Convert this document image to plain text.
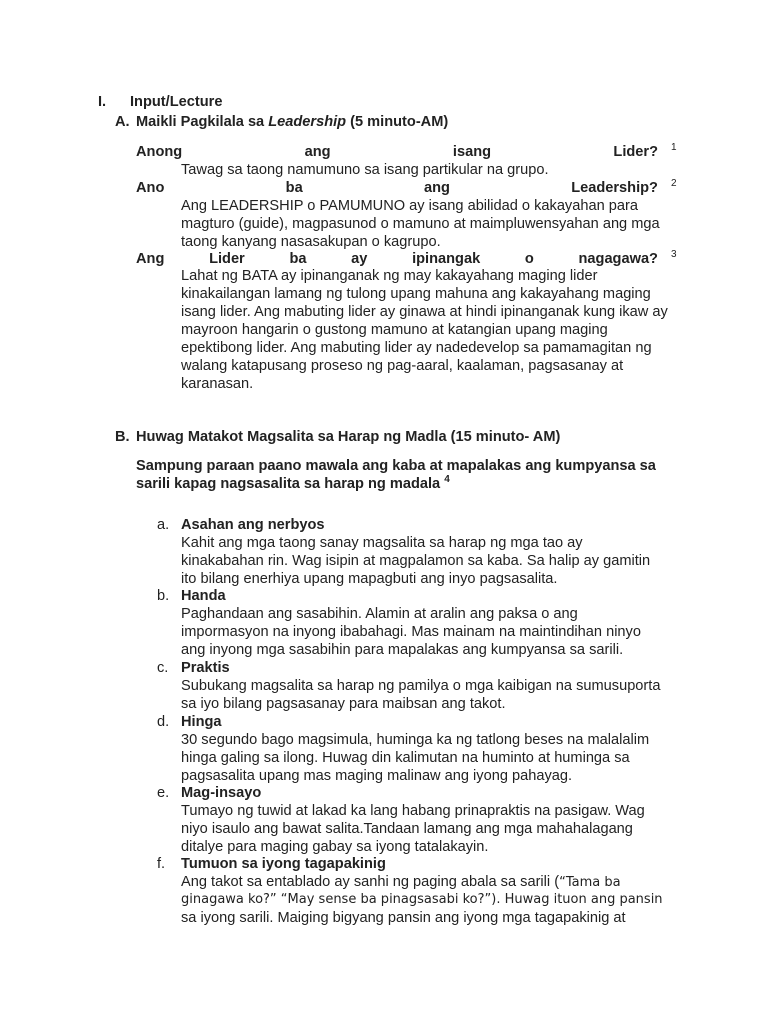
I. Input/Lecture
A. Maikli Pagkilala sa Leadership (5 minuto-AM)
Anong	ang	isang	Lider? 1
Tawag sa taong namumuno sa isang partikular na grupo.
Ano	ba	ang	Leadership? 2
Ang LEADERSHIP o PAMUMUNO ay isang abilidad o kakayahan para
magturo (guide), magpasunod o mamuno at maimpluwensyahan ang mga
taong kanyang nasasakupan o kagrupo.
Ang	Lider	ba	ay	ipinangak	o	nagagawa? 3
Lahat ng BATA ay ipinanganak ng may kakayahang maging lider
kinakailangan lamang ng tulong upang mahuna ang kakayahang maging
isang lider. Ang mabuting lider ay ginawa at hindi ipinanganak kung ikaw ay
mayroon hangarin o gustong mamuno at katangian upang maging
epektibong lider. Ang mabuting lider ay nadedevelop sa pamamagitan ng
walang katapusang proseso ng pag-aaral, kaalaman, pagsasanay at
karanasan.
B. Huwag Matakot Magsalita sa Harap ng Madla (15 minuto- AM)
Sampung paraan paano mawala ang kaba at mapalakas ang kumpyansa sa sarili kapag nagsasalita sa harap ng madala $^4$
a. Asahan ang nerbyos
Kahit ang mga taong sanay magsalita sa harap ng mga tao ay
kinakabahan rin. Wag isipin at magpalamon sa kaba. Sa halip ay gamitin
ito bilang enerhiya upang mapagbuti ang inyo pagsasalita.
b. Handa
Paghandaan ang sasabihin. Alamin at aralin ang paksa o ang
impormasyon na inyong ibabahagi. Mas mainam na maintindihan ninyo
ang inyong mga sasabihin para mapalakas ang kumpyansa sa sarili.
c. Praktis
Subukang magsalita sa harap ng pamilya o mga kaibigan na sumusuporta
sa iyo bilang pagsasanay para maibsan ang takot.
d. Hinga
30 segundo bago magsimula, huminga ka ng tatlong beses na malalalim
hinga galing sa ilong. Huwag din kalimutan na huminto at huminga sa
pagsasalita upang mas maging malinaw ang iyong pahayag.
e. Mag-insayo
Tumayo ng tuwid at lakad ka lang habang prinapraktis na pasigaw. Wag
niyo isaulo ang bawat salita.Tandaan lamang ang mga mahahalagang
ditalye para maging gabay sa iyong tatalakayin.
f. Tumuon sa iyong tagapakinig
Ang takot sa entablado ay sanhi ng paging abala sa sarili (“Tama ba
ginagawa ko?” “May sense ba pinagsasabi ko?”). Huwag ituon ang pansin
sa iyong sarili. Maiging bigyang pansin ang iyong mga tagapakinig at
